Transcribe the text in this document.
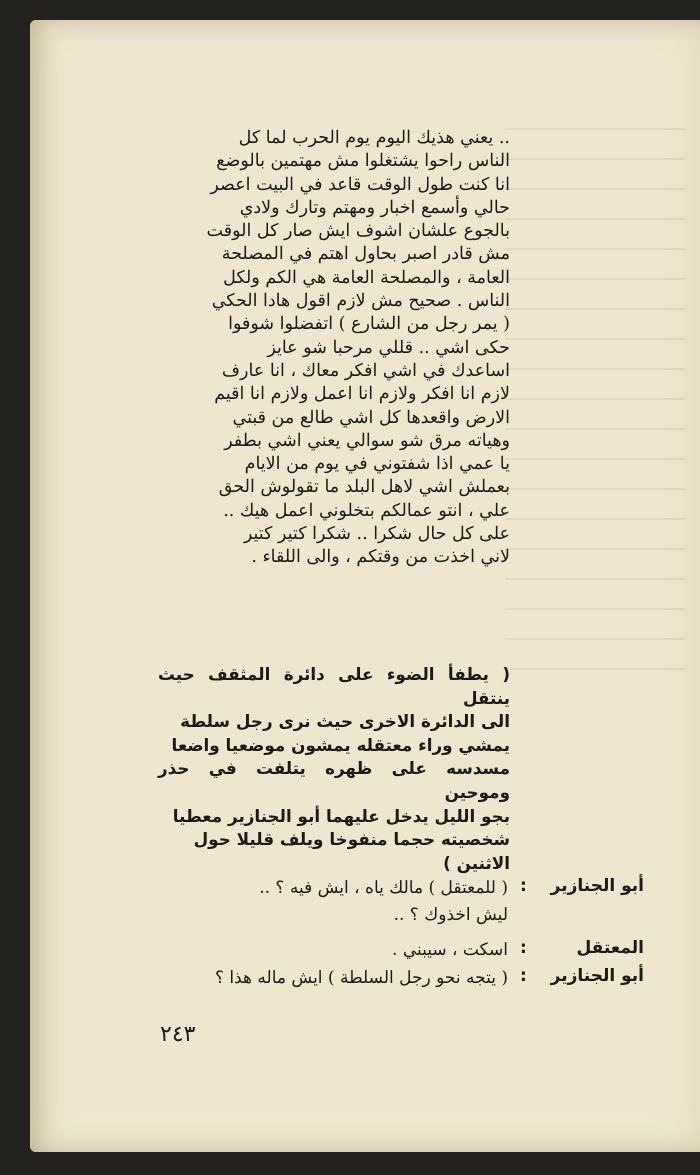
.. يعني هذيك اليوم يوم الحرب لما كل
الناس راحوا يشتغلوا مش مهتمين بالوضع
انا كنت طول الوقت قاعد في البيت اعصر
حالي وأسمع اخبار ومهتم وتارك ولادي
بالجوع علشان اشوف ايش صار كل الوقت
مش قادر اصبر بحاول اهتم في المصلحة
العامة ، والمصلحة العامة هي الكم ولكل
الناس . صحيح مش لازم اقول هادا الحكي
( يمر رجل من الشارع ) اتفضلوا شوفوا
حكى اشي .. قللي مرحبا شو عايز
اساعدك في اشي افكر معاك ، انا عارف
لازم انا افكر ولازم انا اعمل ولازم انا اقيم
الارض واقعدها كل اشي طالع من قبتي
وهياته مرق شو سوالي يعني اشي بطفر
يا عمي اذا شفتوني في يوم من الايام
بعملش اشي لاهل البلد ما تقولوش الحق
علي ، انتو عمالكم بتخلوني اعمل هيك ..
على كل حال شكرا .. شكرا كتير كتير
لاني اخذت من وقتكم ، والى اللقاء .
( يطفأ الضوء على دائرة المثقف حيث ينتقل
الى الدائرة الاخرى حيث نرى رجل سلطة
يمشي وراء معتقله يمشون موضعيا واضعا
مسدسه على ظهره يتلفت في حذر وموحين
بجو الليل يدخل عليهما أبو الجنازير معطيا
شخصيته حجما منفوخا ويلف قليلا حول
الاثنين )
أبو الجنازير
:
( للمعتقل ) مالك ياه ، ايش فيه ؟ ..
ليش اخذوك ؟ ..
المعتقل
:
اسكت ، سيبني .
أبو الجنازير
:
( يتجه نحو رجل السلطة ) ايش ماله هذا ؟
٢٤٣
